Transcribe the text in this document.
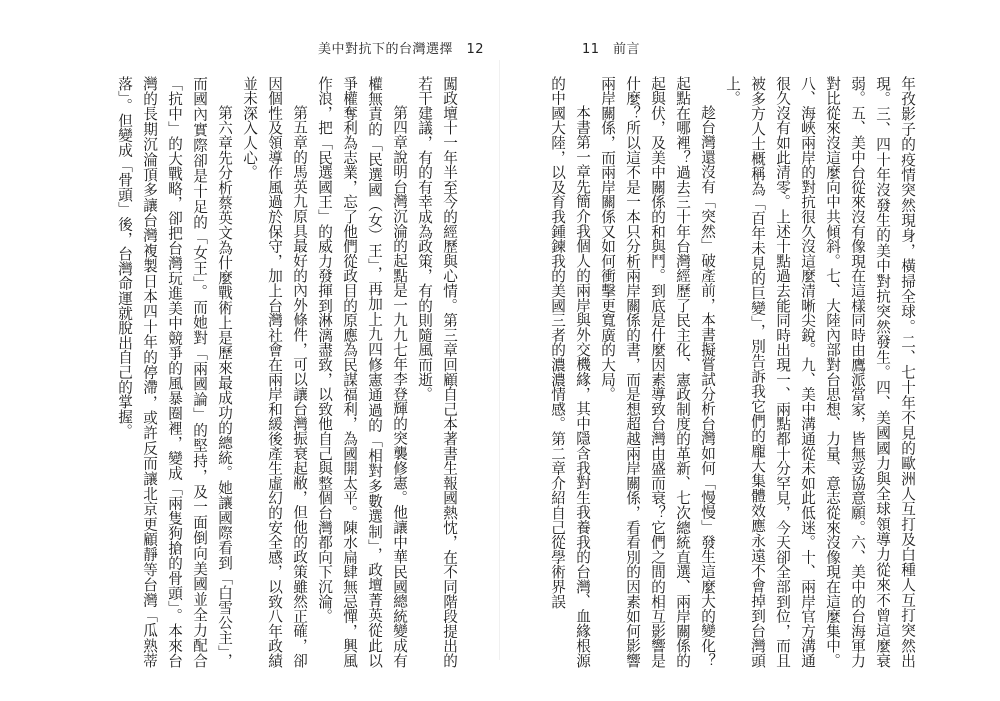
美中對抗下的台灣選擇　12	11　前言

年孜影子的疫情突然現身，橫掃全球。二、七十年不見的歐洲人互打及白種人互打突然出現。三、四十年沒發生的美中對抗突然發生。四、美國國力與全球領導力從來不曾這麼衰弱。五、美中台從來沒有像現在這樣同時由鷹派當家，皆無妥協意願。六、美中的台海軍力對比從來沒這麼向中共傾斜。七、大陸內部對台思想、力量、意志從來沒像現在這麼集中。八、海峽兩岸的對抗很久沒這麼清晰尖銳。九、美中溝通從未如此低迷。十、兩岸官方溝通很久沒有如此清零。上述十點過去能同時出現一、兩點都十分罕見，今天卻全部到位，而且被多方人士概稱為「百年未見的巨變」，別告訴我它們的龐大集體效應永遠不會掉到台灣頭上。

趁台灣還沒有「突然」破產前，本書擬嘗試分析台灣如何「慢慢」發生這麼大的變化？起點在哪裡？過去三十年台灣經歷了民主化、憲政制度的革新、七次總統直選、兩岸關係的起與伏，及美中關係的和與鬥。到底是什麼因素導致台灣由盛而衰？它們之間的相互影響是什麼？所以這不是一本只分析兩岸關係的書，而是想超越兩岸關係，看看別的因素如何影響兩岸關係，而兩岸關係又如何衝擊更寬廣的大局。

本書第一章先簡介我個人的兩岸與外交機緣，其中隱含我對生我養我的台灣、血緣根源的中國大陸，以及育我鍾鍊我的美國三者的濃濃情感。第二章介紹自己從學術界誤

闖政壇十一年半至今的經歷與心情。第三章回顧自己本著書生報國熱忱，在不同階段提出的若干建議，有的有幸成為政策，有的則隨風而逝。

第四章說明台灣沉淪的起點是一九九七年李登輝的突襲修憲。他讓中華民國總統變成有權無責的「民選國（女）王」，再加上九四修憲通過的「相對多數選制」，政壇菁英從此以爭權奪利為志業，忘了他們從政目的原應為民謀福利，為國開太平。陳水扁肆無忌憚，興風作浪，把「民選國王」的威力發揮到淋漓盡致，以致他自己與整個台灣都向下沉淪。

第五章的馬英九原具最好的內外條件，可以讓台灣振衰起敝，但他的政策雖然正確，卻因個性及領導作風過於保守，加上台灣社會在兩岸和緩後產生虛幻的安全感，以致八年政績並未深入人心。

第六章先分析蔡英文為什麼戰術上是歷來最成功的總統。她讓國際看到「白雪公主」，而國內實際卻是十足的「女王」。而她對「兩國論」的堅持，及一面倒向美國並全力配合「抗中」的大戰略，卻把台灣玩進美中競爭的風暴圈裡，變成「兩隻狗搶的骨頭」。本來台灣的長期沉淪頂多讓台灣複製日本四十年的停滯，或許反而讓北京更顧靜等台灣「瓜熟蒂落」。但變成「骨頭」後，台灣命運就脫出自己的掌握。
